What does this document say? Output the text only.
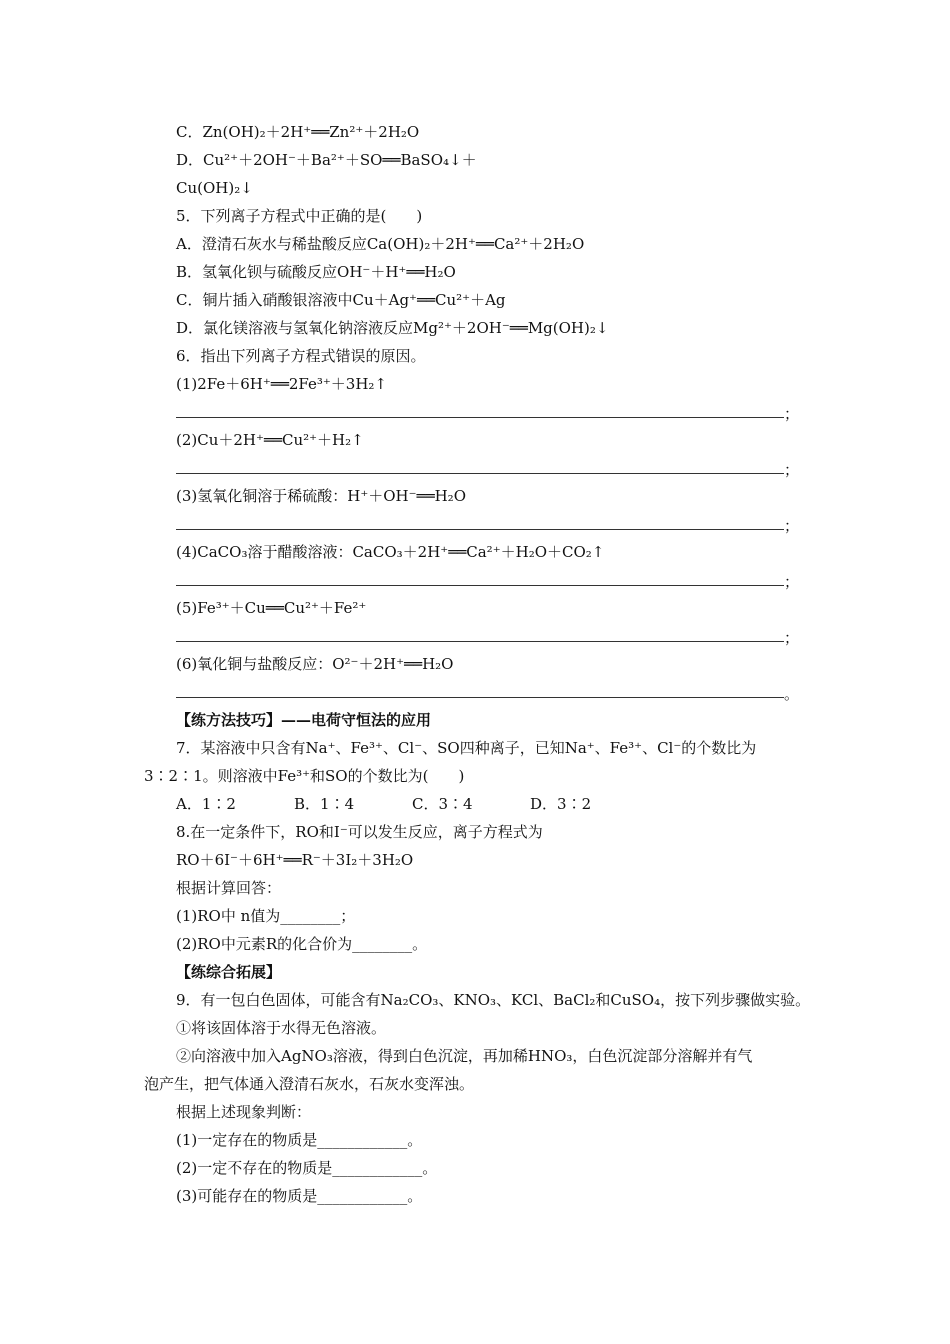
C．Zn(OH)₂＋2H⁺══Zn²⁺＋2H₂O
D．Cu²⁺＋2OH⁻＋Ba²⁺＋SO══BaSO₄↓＋
Cu(OH)₂↓
5．下列离子方程式中正确的是(　　)
A．澄清石灰水与稀盐酸反应Ca(OH)₂＋2H⁺══Ca²⁺＋2H₂O
B．氢氧化钡与硫酸反应OH⁻＋H⁺══H₂O
C．铜片插入硝酸银溶液中Cu＋Ag⁺══Cu²⁺＋Ag
D．氯化镁溶液与氢氧化钠溶液反应Mg²⁺＋2OH⁻══Mg(OH)₂↓
6．指出下列离子方程式错误的原因。
(1)2Fe＋6H⁺══2Fe³⁺＋3H₂↑
；
(2)Cu＋2H⁺══Cu²⁺＋H₂↑
；
(3)氢氧化铜溶于稀硫酸：H⁺＋OH⁻══H₂O
；
(4)CaCO₃溶于醋酸溶液：CaCO₃＋2H⁺══Ca²⁺＋H₂O＋CO₂↑
；
(5)Fe³⁺＋Cu══Cu²⁺＋Fe²⁺
；
(6)氧化铜与盐酸反应：O²⁻＋2H⁺══H₂O
。
【练方法技巧】——电荷守恒法的应用
7．某溶液中只含有Na⁺、Fe³⁺、Cl⁻、SO四种离子，已知Na⁺、Fe³⁺、Cl⁻的个数比为
3∶2∶1。则溶液中Fe³⁺和SO的个数比为(　　)
A．1∶2	B．1∶4	C．3∶4	D．3∶2
8.在一定条件下，RO和I⁻可以发生反应，离子方程式为
RO＋6I⁻＋6H⁺══R⁻＋3I₂＋3H₂O
根据计算回答：
(1)RO中 n值为________；
(2)RO中元素R的化合价为________。
【练综合拓展】
9．有一包白色固体，可能含有Na₂CO₃、KNO₃、KCl、BaCl₂和CuSO₄，按下列步骤做实验。
①将该固体溶于水得无色溶液。
②向溶液中加入AgNO₃溶液，得到白色沉淀，再加稀HNO₃，白色沉淀部分溶解并有气
泡产生，把气体通入澄清石灰水，石灰水变浑浊。
根据上述现象判断：
(1)一定存在的物质是____________。
(2)一定不存在的物质是____________。
(3)可能存在的物质是____________。
